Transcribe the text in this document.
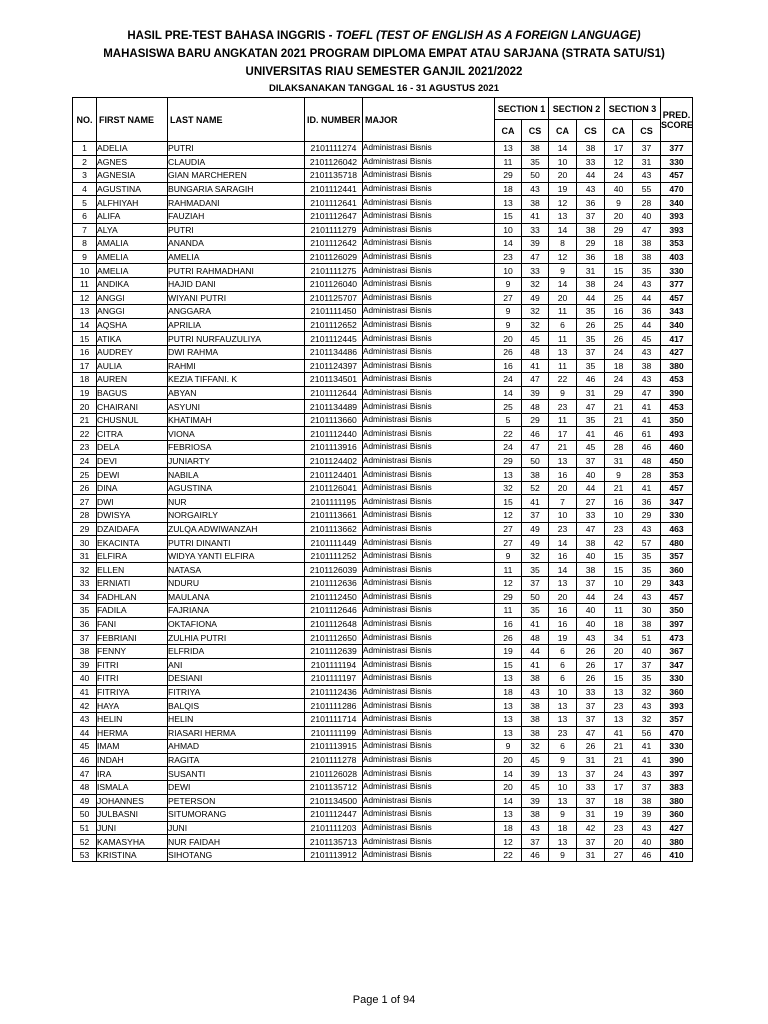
HASIL PRE-TEST BAHASA INGGRIS - TOEFL (TEST OF ENGLISH AS A FOREIGN LANGUAGE)
MAHASISWA BARU ANGKATAN 2021 PROGRAM DIPLOMA EMPAT ATAU SARJANA (STRATA SATU/S1)
UNIVERSITAS RIAU SEMESTER GANJIL 2021/2022
DILAKSANAKAN TANGGAL 16 - 31 AGUSTUS 2021
NO.	FIRST NAME	LAST NAME	ID. NUMBER	MAJOR	SECTION 1		SECTION 2		SECTION 3		PRED.
SCORE

					CA	CS	CA	CS	CA	CS	
1	ADELIA	PUTRI	2101111274	Administrasi Bisnis	13	38	14	38	17	37	377
2	AGNES	CLAUDIA	2101126042	Administrasi Bisnis	11	35	10	33	12	31	330
3	AGNESIA	GIAN MARCHEREN	2101135718	Administrasi Bisnis	29	50	20	44	24	43	457
4	AGUSTINA	BUNGARIA SARAGIH	2101112441	Administrasi Bisnis	18	43	19	43	40	55	470
5	ALFHIYAH	RAHMADANI	2101112641	Administrasi Bisnis	13	38	12	36	9	28	340
6	ALIFA	FAUZIAH	2101112647	Administrasi Bisnis	15	41	13	37	20	40	393
7	ALYA	PUTRI	2101111279	Administrasi Bisnis	10	33	14	38	29	47	393
8	AMALIA	ANANDA	2101112642	Administrasi Bisnis	14	39	8	29	18	38	353
9	AMELIA	AMELIA	2101126029	Administrasi Bisnis	23	47	12	36	18	38	403
10	AMELIA	PUTRI RAHMADHANI	2101111275	Administrasi Bisnis	10	33	9	31	15	35	330
11	ANDIKA	HAJID DANI	2101126040	Administrasi Bisnis	9	32	14	38	24	43	377
12	ANGGI	WIYANI PUTRI	2101125707	Administrasi Bisnis	27	49	20	44	25	44	457
13	ANGGI	ANGGARA	2101111450	Administrasi Bisnis	9	32	11	35	16	36	343
14	AQSHA	APRILIA	2101112652	Administrasi Bisnis	9	32	6	26	25	44	340
15	ATIKA	PUTRI NURFAUZULIYA	2101112445	Administrasi Bisnis	20	45	11	35	26	45	417
16	AUDREY	DWI RAHMA	2101134486	Administrasi Bisnis	26	48	13	37	24	43	427
17	AULIA	RAHMI	2101124397	Administrasi Bisnis	16	41	11	35	18	38	380
18	AUREN	KEZIA TIFFANI. K	2101134501	Administrasi Bisnis	24	47	22	46	24	43	453
19	BAGUS	ABYAN	2101112644	Administrasi Bisnis	14	39	9	31	29	47	390
20	CHAIRANI	ASYUNI	2101134489	Administrasi Bisnis	25	48	23	47	21	41	453
21	CHUSNUL	KHATIMAH	2101113660	Administrasi Bisnis	5	29	11	35	21	41	350
22	CITRA	VIONA	2101112440	Administrasi Bisnis	22	46	17	41	46	61	493
23	DELA	FEBRIOSA	2101113916	Administrasi Bisnis	24	47	21	45	28	46	460
24	DEVI	JUNIARTY	2101124402	Administrasi Bisnis	29	50	13	37	31	48	450
25	DEWI	NABILA	2101124401	Administrasi Bisnis	13	38	16	40	9	28	353
26	DINA	AGUSTINA	2101126041	Administrasi Bisnis	32	52	20	44	21	41	457
27	DWI	NUR	2101111195	Administrasi Bisnis	15	41	7	27	16	36	347
28	DWISYA	NORGAIRLY	2101113661	Administrasi Bisnis	12	37	10	33	10	29	330
29	DZAIDAFA	ZULQA ADWIWANZAH	2101113662	Administrasi Bisnis	27	49	23	47	23	43	463
30	EKACINTA	PUTRI DINANTI	2101111449	Administrasi Bisnis	27	49	14	38	42	57	480
31	ELFIRA	WIDYA YANTI ELFIRA	2101111252	Administrasi Bisnis	9	32	16	40	15	35	357
32	ELLEN	NATASA	2101126039	Administrasi Bisnis	11	35	14	38	15	35	360
33	ERNIATI	NDURU	2101112636	Administrasi Bisnis	12	37	13	37	10	29	343
34	FADHLAN	MAULANA	2101112450	Administrasi Bisnis	29	50	20	44	24	43	457
35	FADILA	FAJRIANA	2101112646	Administrasi Bisnis	11	35	16	40	11	30	350
36	FANI	OKTAFIONA	2101112648	Administrasi Bisnis	16	41	16	40	18	38	397
37	FEBRIANI	ZULHIA PUTRI	2101112650	Administrasi Bisnis	26	48	19	43	34	51	473
38	FENNY	ELFRIDA	2101112639	Administrasi Bisnis	19	44	6	26	20	40	367
39	FITRI	ANI	2101111194	Administrasi Bisnis	15	41	6	26	17	37	347
40	FITRI	DESIANI	2101111197	Administrasi Bisnis	13	38	6	26	15	35	330
41	FITRIYA	FITRIYA	2101112436	Administrasi Bisnis	18	43	10	33	13	32	360
42	HAYA	BALQIS	2101111286	Administrasi Bisnis	13	38	13	37	23	43	393
43	HELIN	HELIN	2101111714	Administrasi Bisnis	13	38	13	37	13	32	357
44	HERMA	RIASARI HERMA	2101111199	Administrasi Bisnis	13	38	23	47	41	56	470
45	IMAM	AHMAD	2101113915	Administrasi Bisnis	9	32	6	26	21	41	330
46	INDAH	RAGITA	2101111278	Administrasi Bisnis	20	45	9	31	21	41	390
47	IRA	SUSANTI	2101126028	Administrasi Bisnis	14	39	13	37	24	43	397
48	ISMALA	DEWI	2101135712	Administrasi Bisnis	20	45	10	33	17	37	383
49	JOHANNES	PETERSON	2101134500	Administrasi Bisnis	14	39	13	37	18	38	380
50	JULBASNI	SITUMORANG	2101112447	Administrasi Bisnis	13	38	9	31	19	39	360
51	JUNI	JUNI	2101111203	Administrasi Bisnis	18	43	18	42	23	43	427
52	KAMASYHA	NUR FAIDAH	2101135713	Administrasi Bisnis	12	37	13	37	20	40	380
53	KRISTINA	SIHOTANG	2101113912	Administrasi Bisnis	22	46	9	31	27	46	410
Page 1 of 94
